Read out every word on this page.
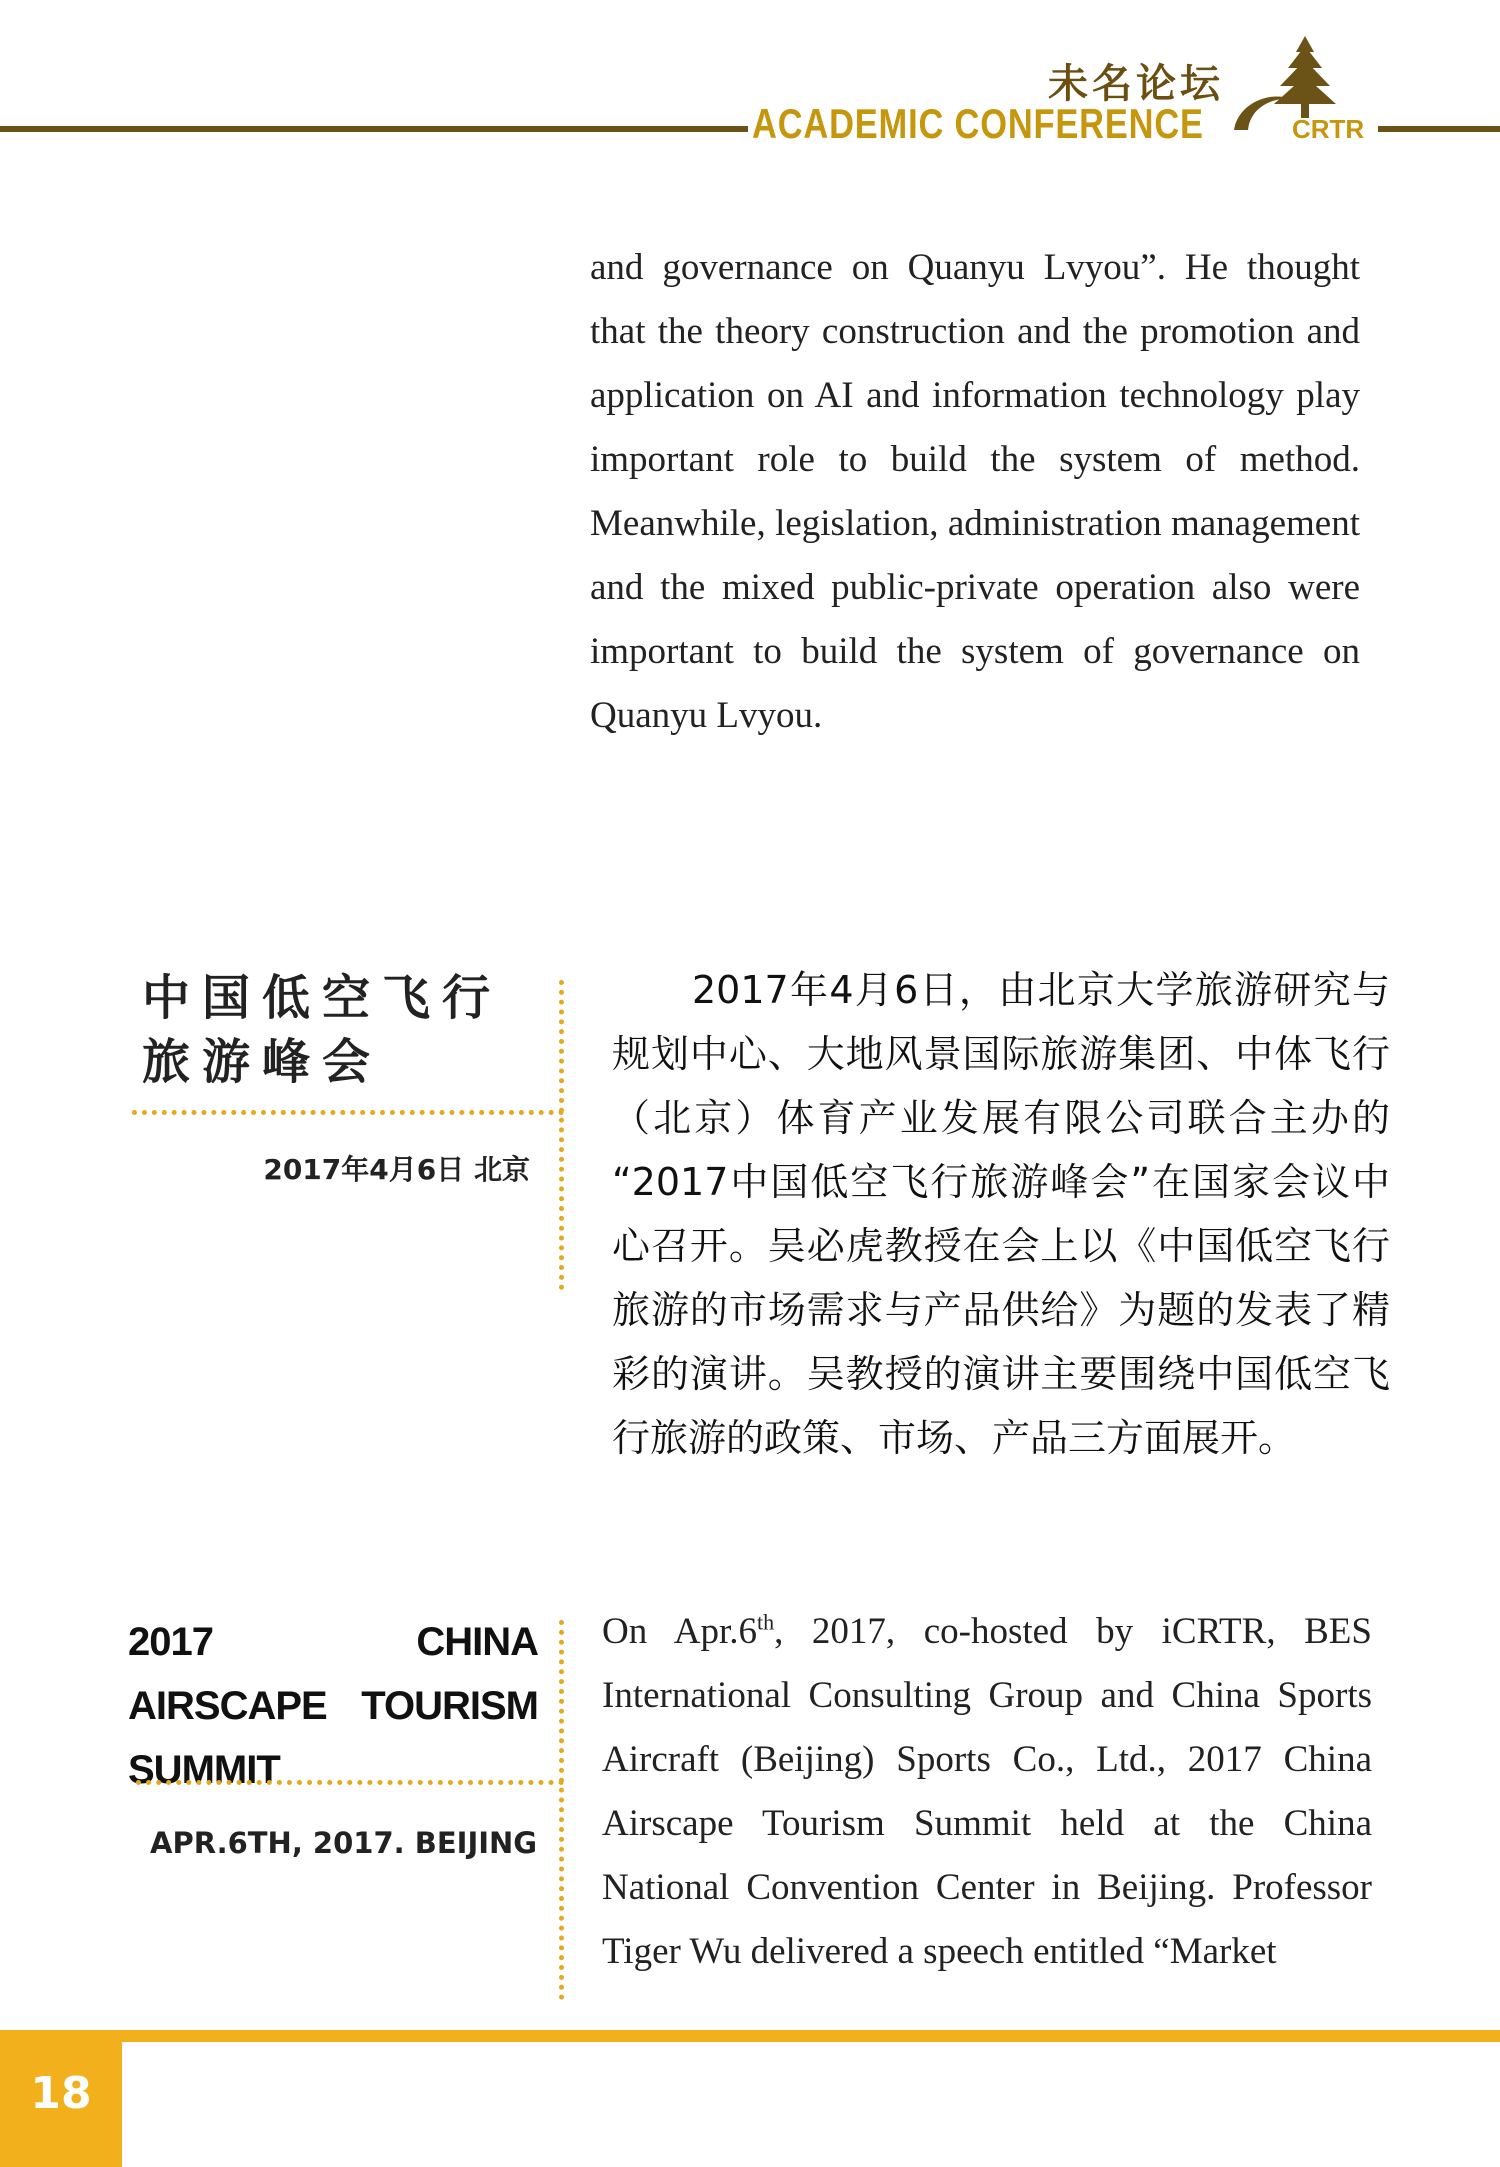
未名论坛
ACADEMIC CONFERENCE	CRTR

and governance on Quanyu Lvyou”. He thought that the theory construction and the promotion and application on AI and information technology play important role to build the system of method. Meanwhile, legislation, administration management and the mixed public-private operation also were important to build the system of governance on Quanyu Lvyou.

中国低空飞行旅游峰会
2017年4月6日 北京

2017年4月6日，由北京大学旅游研究与规划中心、大地风景国际旅游集团、中体飞行（北京）体育产业发展有限公司联合主办的 “2017中国低空飞行旅游峰会”在国家会议中心召开。吴必虎教授在会上以《中国低空飞行旅游的市场需求与产品供给》为题的发表了精彩的演讲。吴教授的演讲主要围绕中国低空飞行旅游的政策、市场、产品三方面展开。

2017 CHINA AIRSCAPE TOURISM SUMMIT
APR.6TH, 2017. BEIJING

On Apr.6th, 2017, co-hosted by iCRTR, BES International Consulting Group and China Sports Aircraft (Beijing) Sports Co., Ltd., 2017 China Airscape Tourism Summit held at the China National Convention Center in Beijing. Professor Tiger Wu delivered a speech entitled “Market

18
